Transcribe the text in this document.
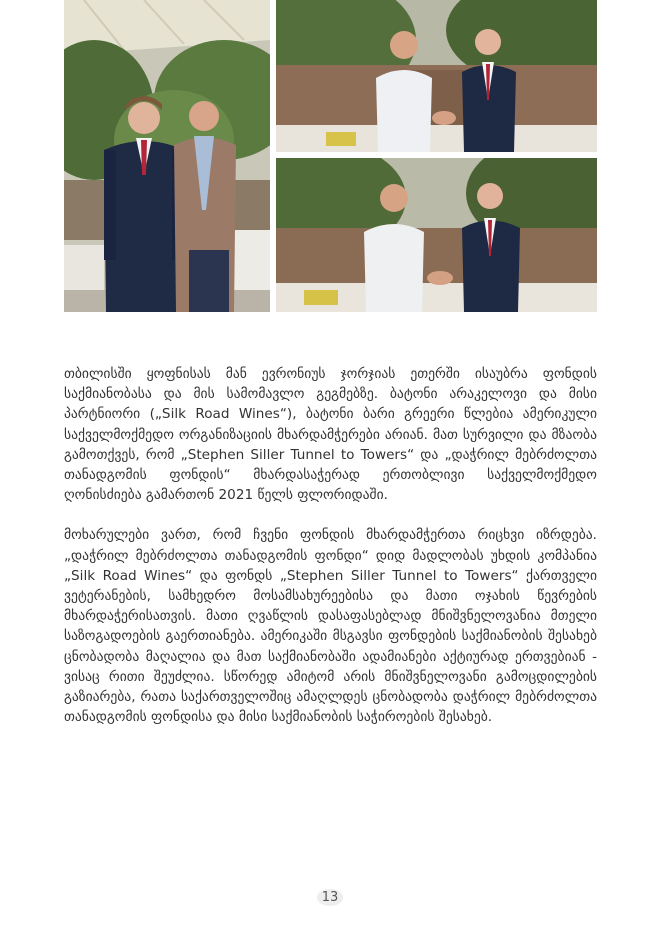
თბილისში ყოფნისას მან ევრონიუს ჯორჯიას ეთერში ისაუბრა ფონდის საქმიანობასა და მის სამომავლო გეგმებზე. ბატონი არაკელოვი და მისი პარტნიორი („Silk Road Wines“), ბატონი ბარი გრეერი წლებია ამერიკული საქველმოქმედო ორგანიზაციის მხარდამჭერები არიან. მათ სურვილი და მზაობა გამოთქვეს, რომ „Stephen Siller Tunnel to Towers“ და „დაჭრილ მებრძოლთა თანადგომის ფონდის“ მხარდასაჭერად ერთობლივი საქველმოქმედო ღონისძიება გამართონ 2021 წელს ფლორიდაში.

მოხარულები ვართ, რომ ჩვენი ფონდის მხარდამჭერთა რიცხვი იზრდება. „დაჭრილ მებრძოლთა თანადგომის ფონდი“ დიდ მადლობას უხდის კომპანია „Silk Road Wines“ და ფონდს „Stephen Siller Tunnel to Towers“ ქართველი ვეტერანების, სამხედრო მოსამსახურეებისა და მათი ოჯახის წევრების მხარდაჭერისათვის. მათი ღვაწლის დასაფასებლად მნიშვნელოვანია მთელი საზოგადოების გაერთიანება. ამერიკაში მსგავსი ფონდების საქმიანობის შესახებ ცნობადობა მაღალია და მათ საქმიანობაში ადამიანები აქტიურად ერთვებიან - ვისაც რითი შეუძლია. სწორედ ამიტომ არის მნიშვნელოვანი გამოცდილების გაზიარება, რათა საქართველოშიც ამაღლდეს ცნობადობა დაჭრილ მებრძოლთა თანადგომის ფონდისა და მისი საქმიანობის საჭიროების შესახებ.

13
